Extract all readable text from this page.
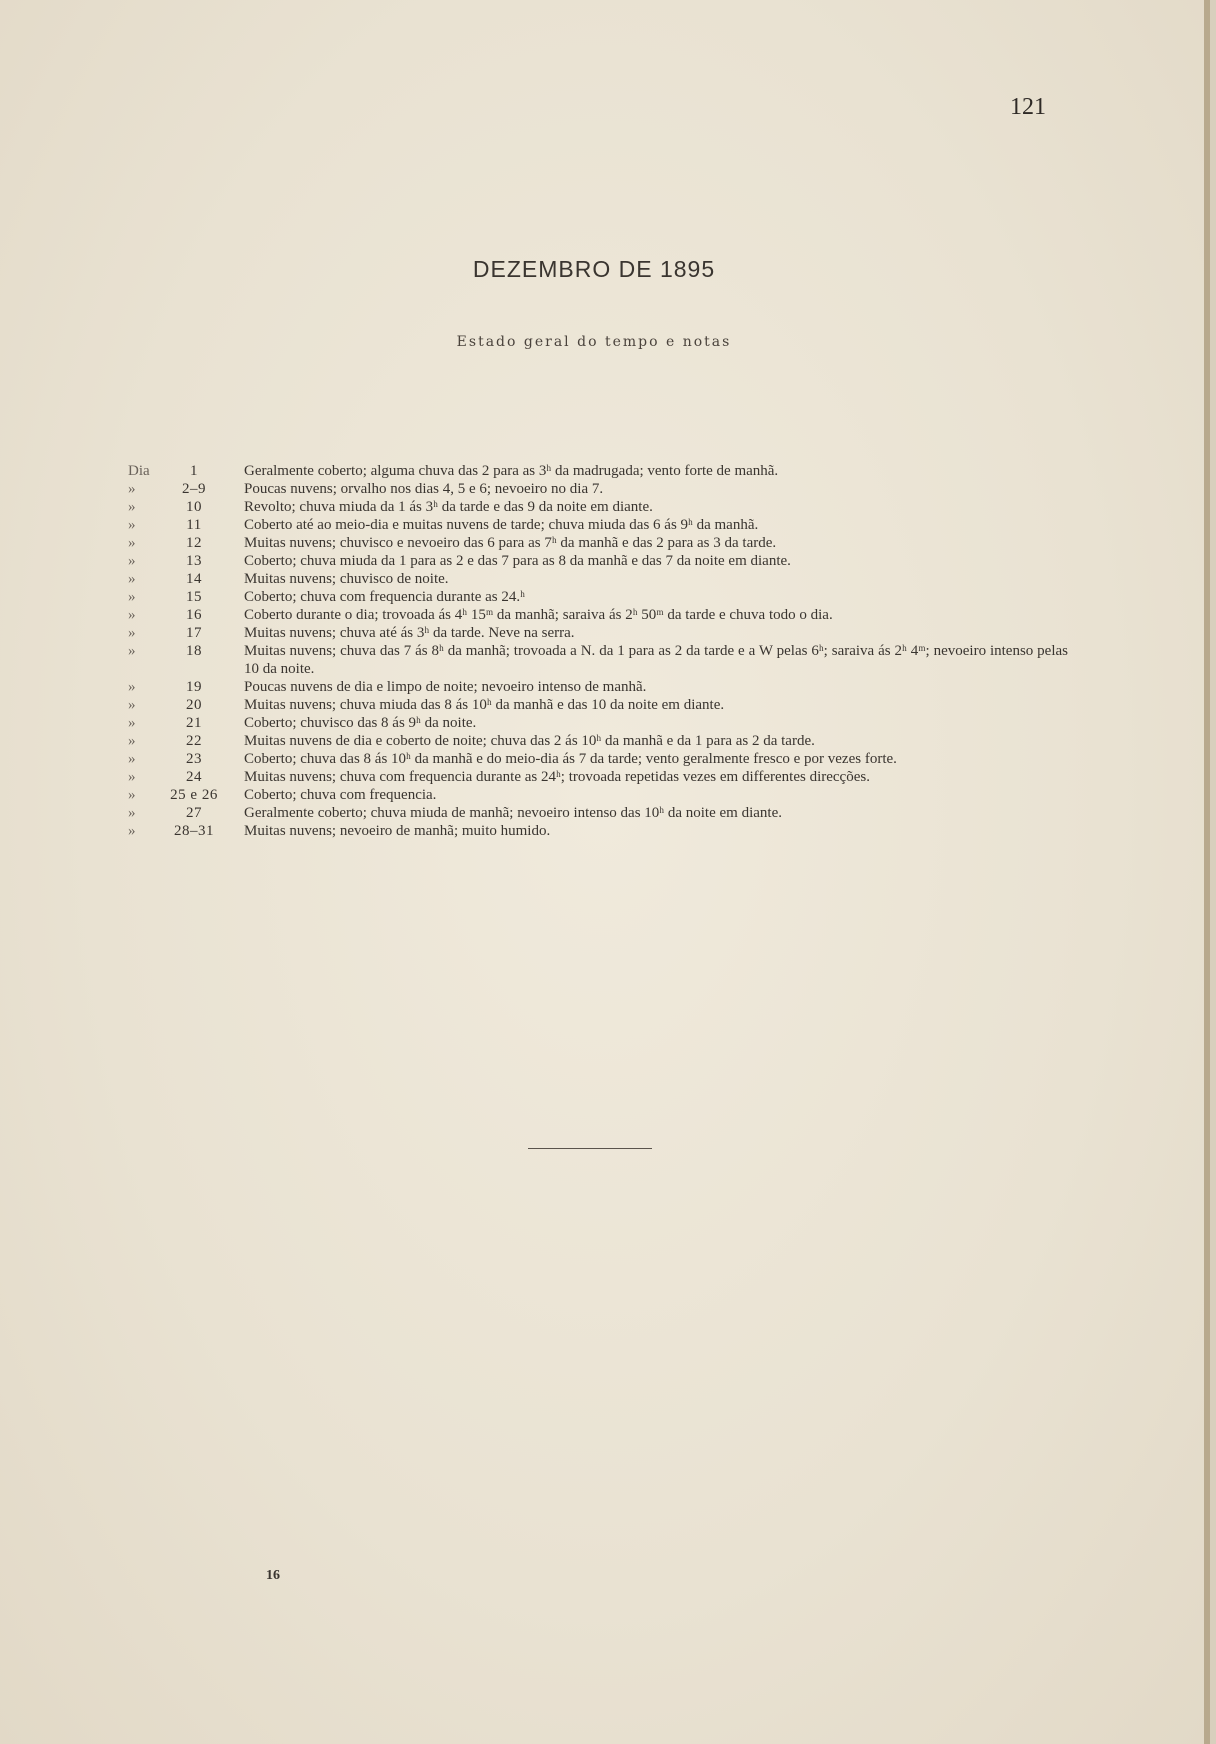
121
DEZEMBRO DE 1895
Estado geral do tempo e notas
Dia	1	Geralmente coberto; alguma chuva das 2 para as 3ʰ da madrugada; vento forte de manhã.
»	2–9	Poucas nuvens; orvalho nos dias 4, 5 e 6; nevoeiro no dia 7.
»	10	Revolto; chuva miuda da 1 ás 3ʰ da tarde e das 9 da noite em diante.
»	11	Coberto até ao meio-dia e muitas nuvens de tarde; chuva miuda das 6 ás 9ʰ da manhã.
»	12	Muitas nuvens; chuvisco e nevoeiro das 6 para as 7ʰ da manhã e das 2 para as 3 da tarde.
»	13	Coberto; chuva miuda da 1 para as 2 e das 7 para as 8 da manhã e das 7 da noite em diante.
»	14	Muitas nuvens; chuvisco de noite.
»	15	Coberto; chuva com frequencia durante as 24.ʰ
»	16	Coberto durante o dia; trovoada ás 4ʰ 15ᵐ da manhã; saraiva ás 2ʰ 50ᵐ da tarde e chuva todo o dia.
»	17	Muitas nuvens; chuva até ás 3ʰ da tarde. Neve na serra.
»	18	Muitas nuvens; chuva das 7 ás 8ʰ da manhã; trovoada a N. da 1 para as 2 da tarde e a W pelas 6ʰ; saraiva ás 2ʰ 4ᵐ; nevoeiro intenso pelas 10 da noite.
»	19	Poucas nuvens de dia e limpo de noite; nevoeiro intenso de manhã.
»	20	Muitas nuvens; chuva miuda das 8 ás 10ʰ da manhã e das 10 da noite em diante.
»	21	Coberto; chuvisco das 8 ás 9ʰ da noite.
»	22	Muitas nuvens de dia e coberto de noite; chuva das 2 ás 10ʰ da manhã e da 1 para as 2 da tarde.
»	23	Coberto; chuva das 8 ás 10ʰ da manhã e do meio-dia ás 7 da tarde; vento geralmente fresco e por vezes forte.
»	24	Muitas nuvens; chuva com frequencia durante as 24ʰ; trovoada repetidas vezes em differentes direcções.
»	25 e 26	Coberto; chuva com frequencia.
»	27	Geralmente coberto; chuva miuda de manhã; nevoeiro intenso das 10ʰ da noite em diante.
»	28–31	Muitas nuvens; nevoeiro de manhã; muito humido.
16
